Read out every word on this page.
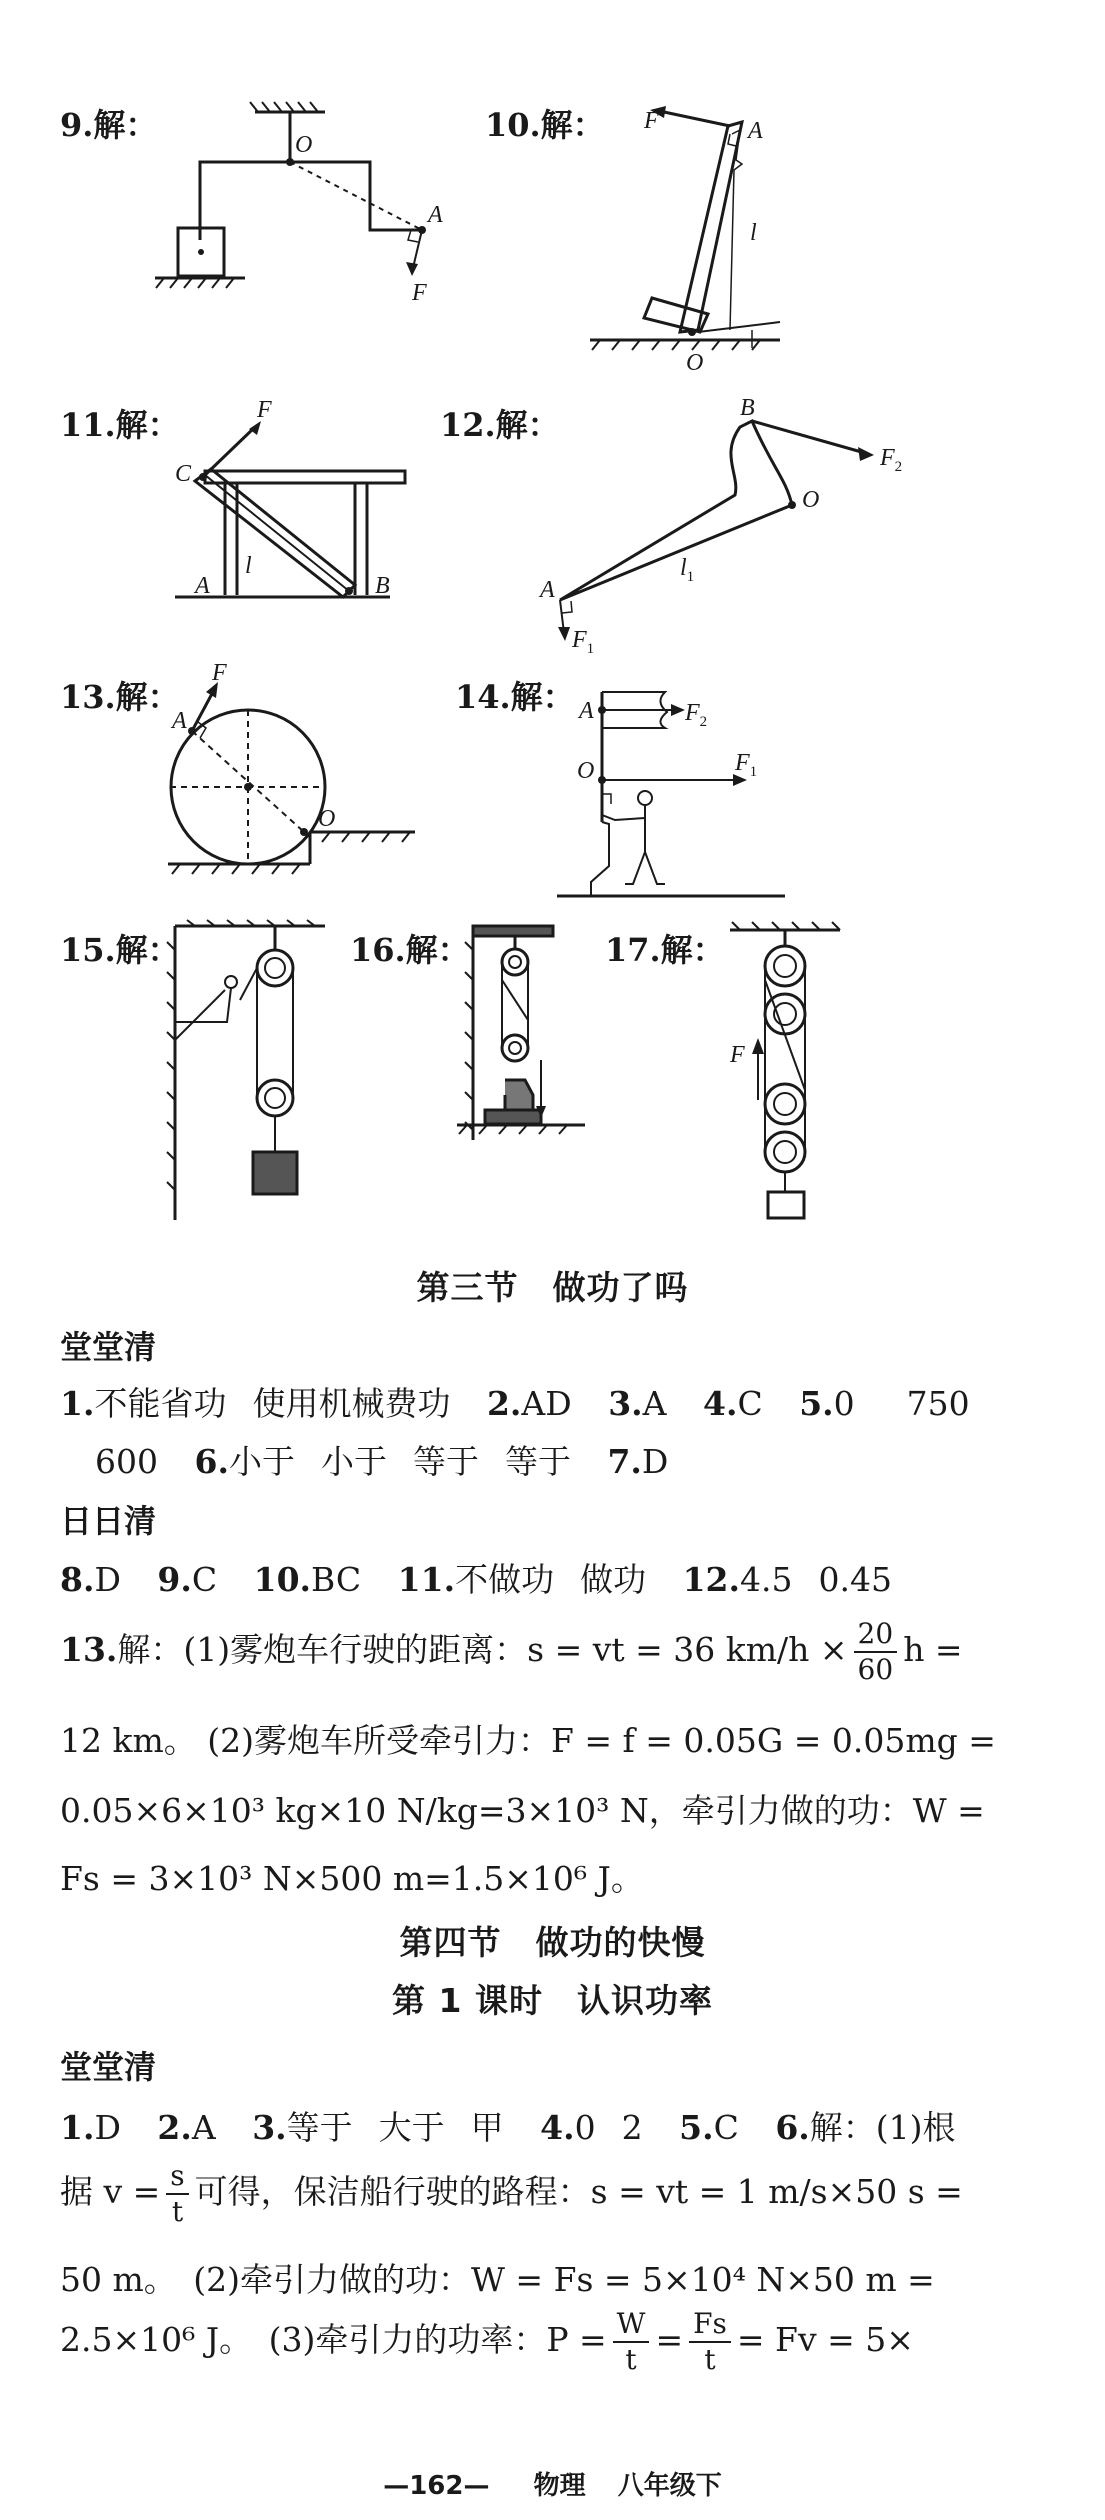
9.解：
O
A
F
10.解： F	A
l
O
11.解：	F
C
l
A	B
12.解：	B
$F_2$
O
$l_1$
A
$F_1$
13.解：
F
A
O
14.解： A	$F_2$
O	$F_1$
15.解：	16.解：	17.解：
F
第三节　做功了吗
堂堂清
1.不能省功 使用机械费功 2.AD 3.A 4.C 5.0 750
600 6.小于 小于 等于 等于 7.D
日日清
8.D 9.C 10.BC 11.不做功 做功 12.4.5 0.45
13.解：(1)雾炮车行驶的距离：s = vt = 36 $km/h \times \frac{20}{60}$ h =
12 km。 (2)雾炮车所受牵引力：F = f = 0.05G = 0.05mg =
0.05×6×10³ kg×10 N/kg=3×10³ N，牵引力做的功：W =
Fs = 3×10³ N×500 m=1.5×10⁶ J。
第四节　做功的快慢
第 1 课时　认识功率
堂堂清
1.D 2.A 3.等于 大于 甲 4.0 2 5.C 6.解：(1)根
据 $v = \frac{s}{t}$ 可得，保洁船行驶的路程：s = vt = 1 m/s×50 s =
50 m。　(2)牵引力做的功：W = Fs = 5×10⁴ N×50 m =
2.5×10⁶ J。　(3)牵引力的功率：$P = \frac{W}{t} = \frac{Fs}{t} = Fv = 5\times$
—162— 物理 八年级下
